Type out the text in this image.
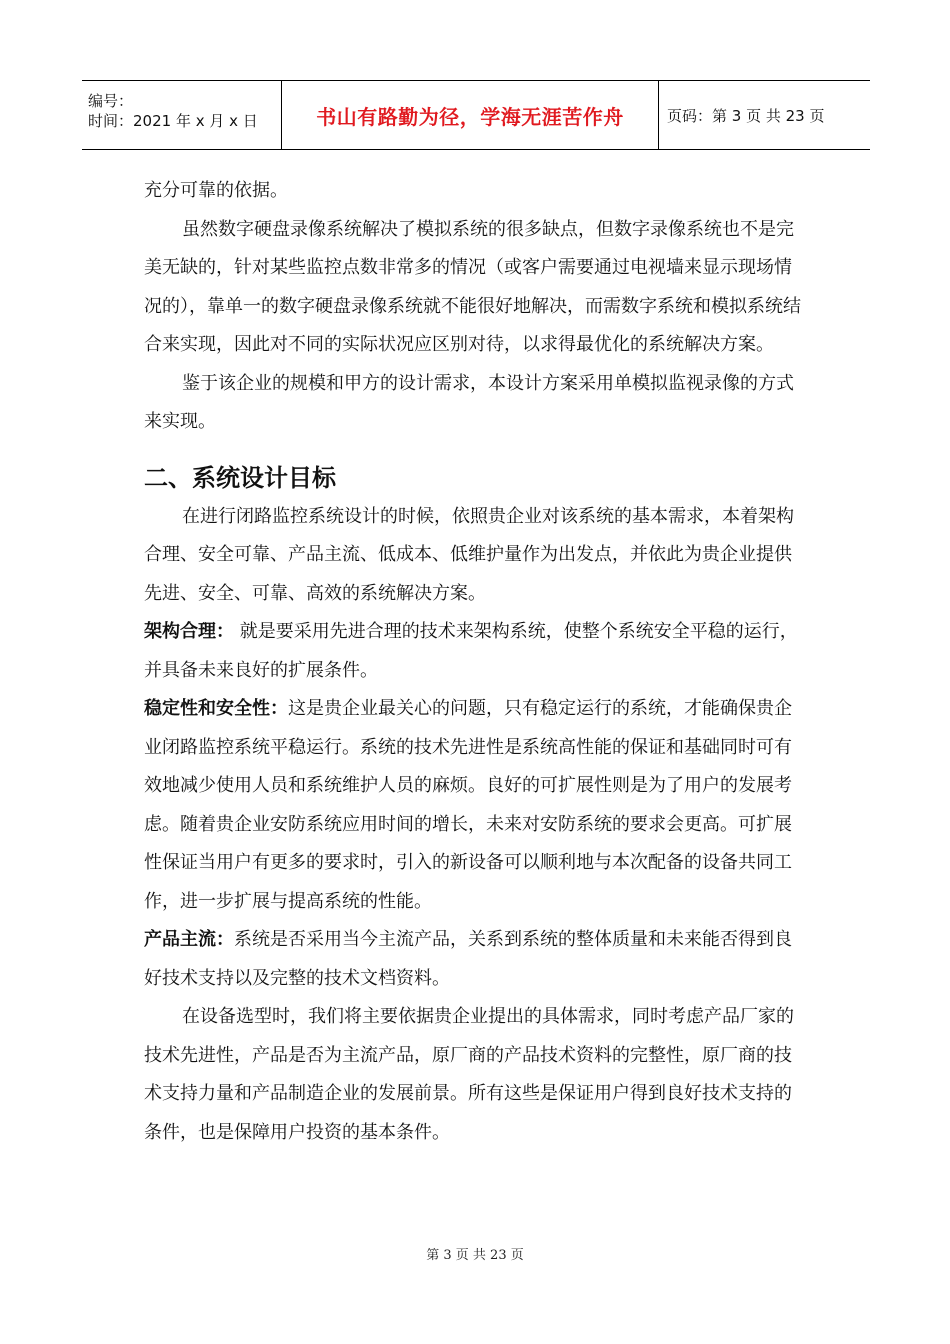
编号：
时间：2021 年 x 月 x 日	书山有路勤为径，学海无涯苦作舟	页码：第 3 页 共 23 页

充分可靠的依据。

虽然数字硬盘录像系统解决了模拟系统的很多缺点，但数字录像系统也不是完美无缺的，针对某些监控点数非常多的情况（或客户需要通过电视墙来显示现场情况的），靠单一的数字硬盘录像系统就不能很好地解决，而需数字系统和模拟系统结合来实现，因此对不同的实际状况应区别对待，以求得最优化的系统解决方案。

鉴于该企业的规模和甲方的设计需求，本设计方案采用单模拟监视录像的方式来实现。

二、系统设计目标

在进行闭路监控系统设计的时候，依照贵企业对该系统的基本需求，本着架构合理、安全可靠、产品主流、低成本、低维护量作为出发点，并依此为贵企业提供先进、安全、可靠、高效的系统解决方案。

架构合理： 就是要采用先进合理的技术来架构系统，使整个系统安全平稳的运行，并具备未来良好的扩展条件。

稳定性和安全性：这是贵企业最关心的问题，只有稳定运行的系统，才能确保贵企业闭路监控系统平稳运行。系统的技术先进性是系统高性能的保证和基础同时可有效地减少使用人员和系统维护人员的麻烦。良好的可扩展性则是为了用户的发展考虑。随着贵企业安防系统应用时间的增长，未来对安防系统的要求会更高。可扩展性保证当用户有更多的要求时，引入的新设备可以顺利地与本次配备的设备共同工作，进一步扩展与提高系统的性能。

产品主流：系统是否采用当今主流产品，关系到系统的整体质量和未来能否得到良好技术支持以及完整的技术文档资料。

在设备选型时，我们将主要依据贵企业提出的具体需求，同时考虑产品厂家的技术先进性，产品是否为主流产品，原厂商的产品技术资料的完整性，原厂商的技术支持力量和产品制造企业的发展前景。所有这些是保证用户得到良好技术支持的条件，也是保障用户投资的基本条件。

第 3 页 共 23 页
